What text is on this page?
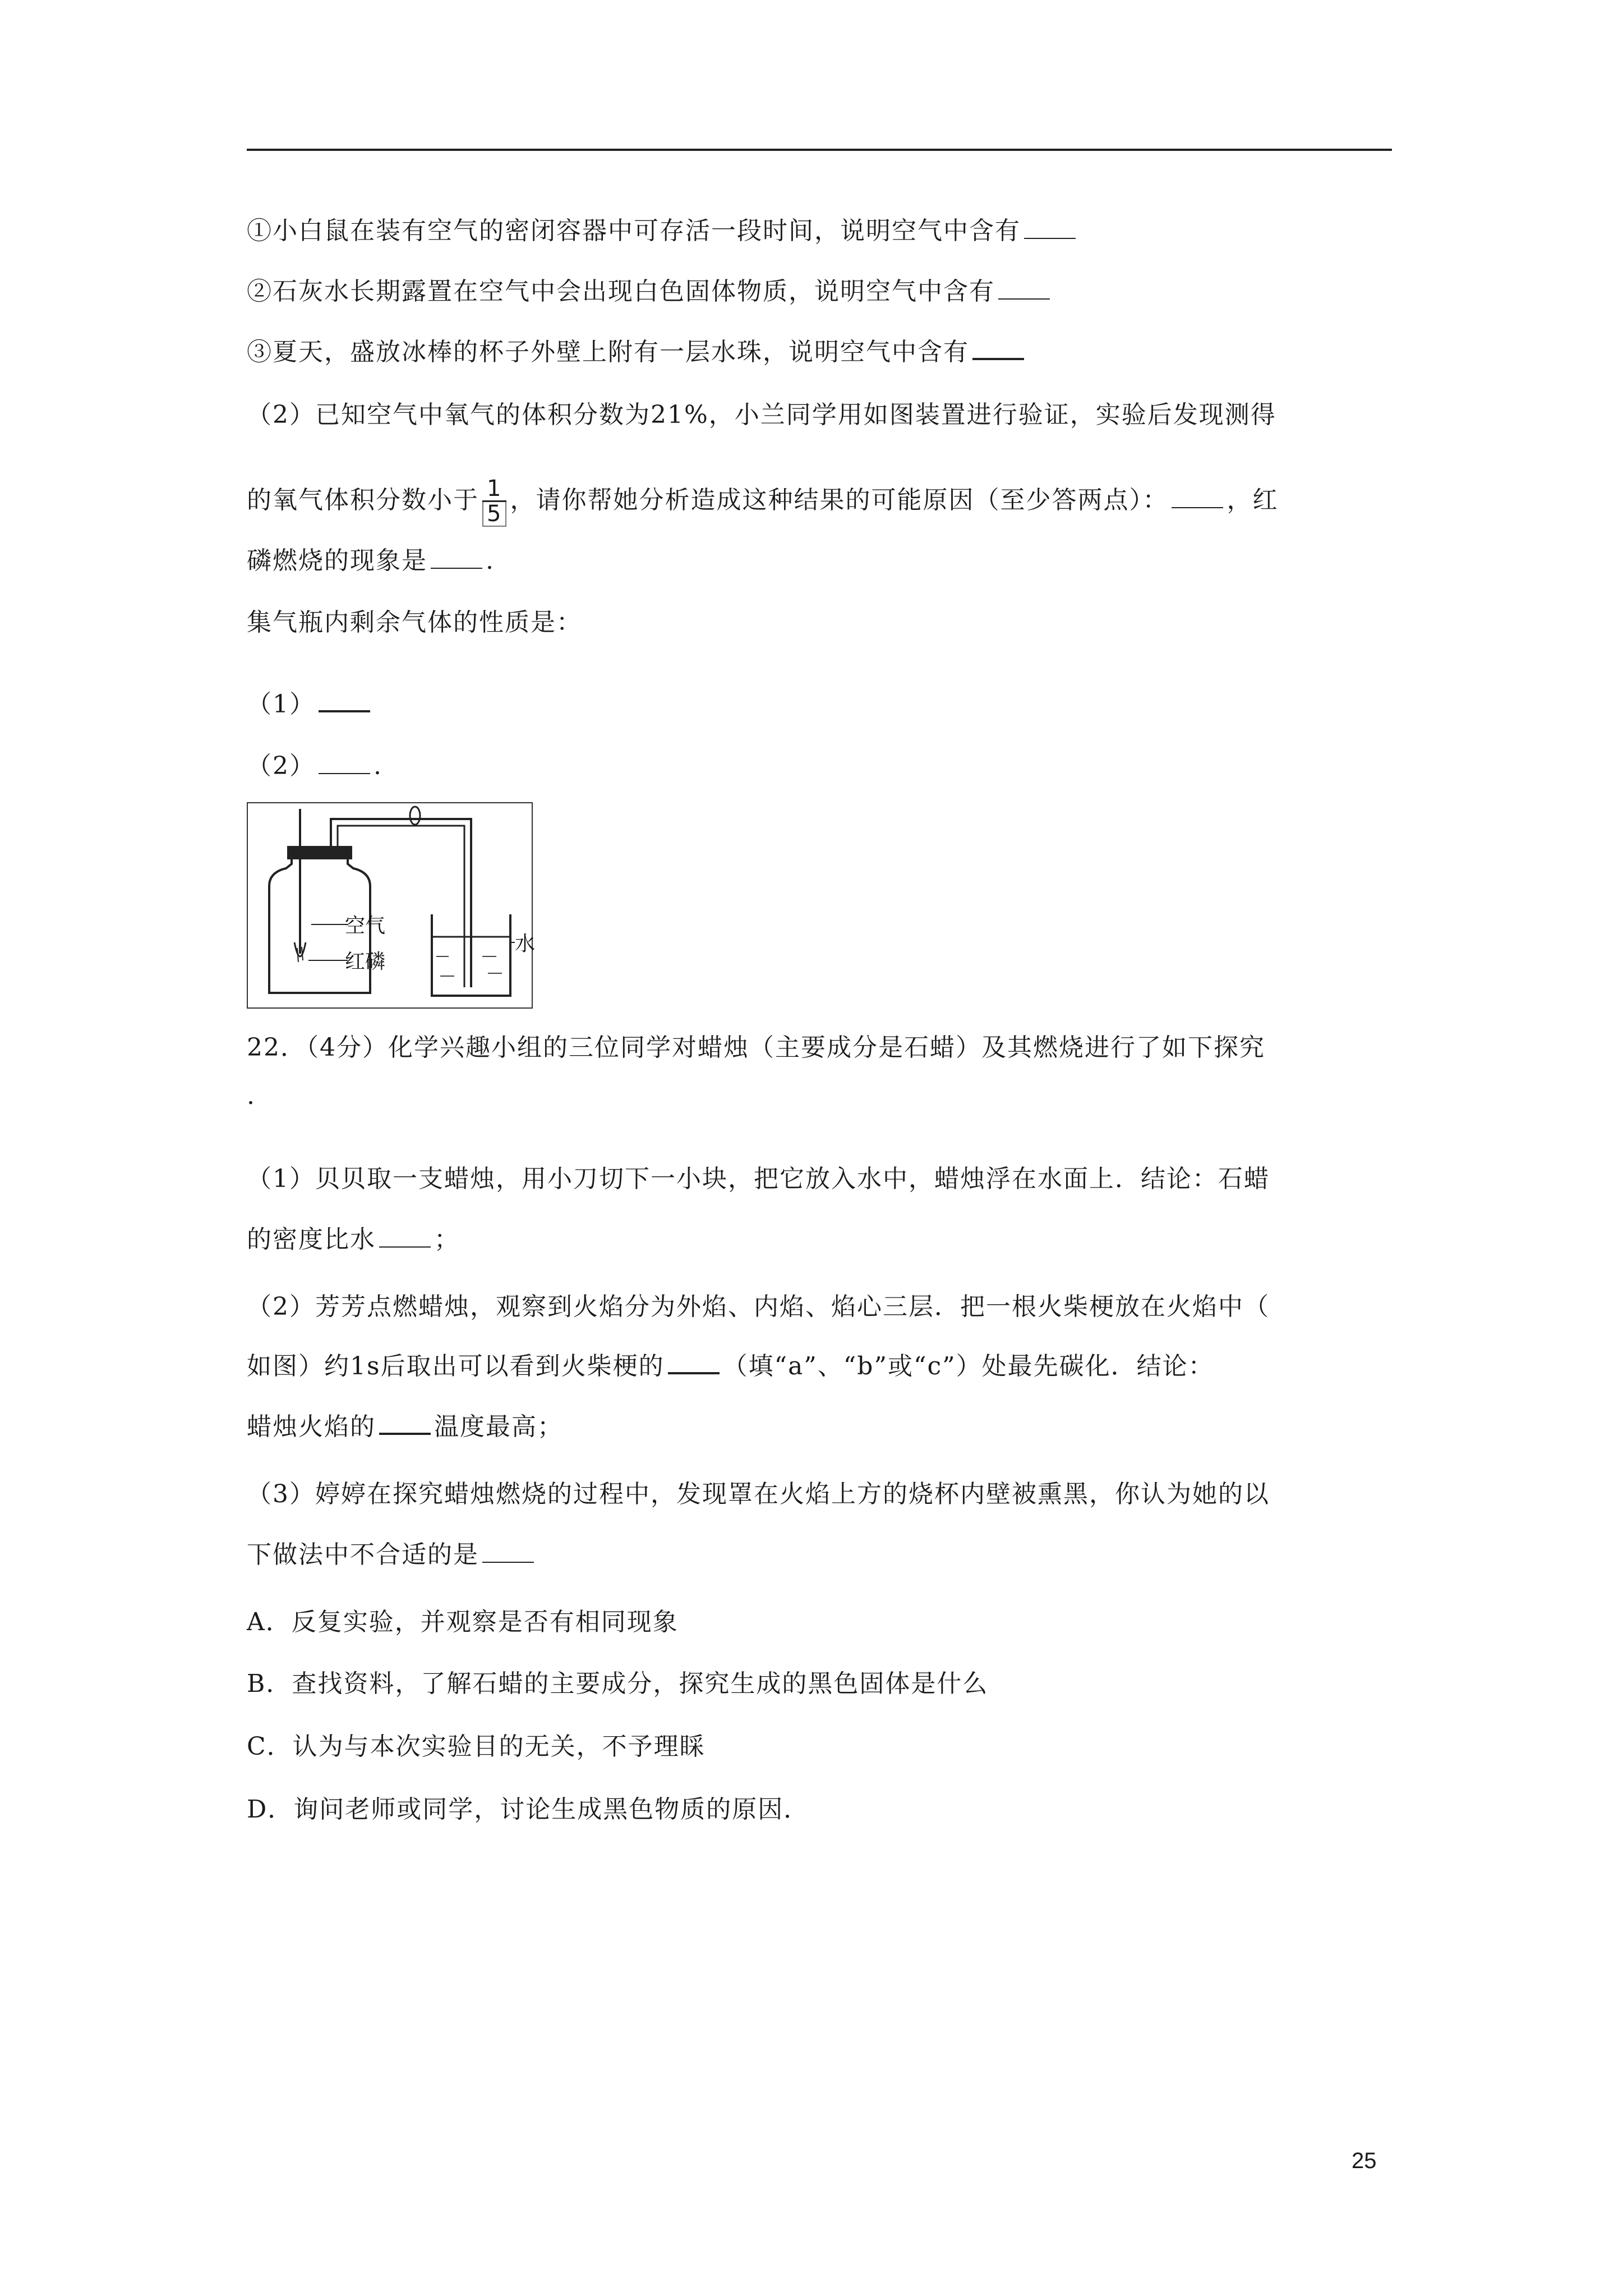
①小白鼠在装有空气的密闭容器中可存活一段时间，说明空气中含有
②石灰水长期露置在空气中会出现白色固体物质，说明空气中含有
③夏天，盛放冰棒的杯子外壁上附有一层水珠，说明空气中含有
（2）已知空气中氧气的体积分数为21%，小兰同学用如图装置进行验证，实验后发现测得
的氧气体积分数小于 $\frac{1}{5}$ ，请你帮她分析造成这种结果的可能原因（至少答两点）： ，红
磷燃烧的现象是 .
集气瓶内剩余气体的性质是：
（1）
（2） .
空气
红磷
水
22．（4分）化学兴趣小组的三位同学对蜡烛（主要成分是石蜡）及其燃烧进行了如下探究
.
（1）贝贝取一支蜡烛，用小刀切下一小块，把它放入水中，蜡烛浮在水面上．结论：石蜡
的密度比水 ；
（2）芳芳点燃蜡烛，观察到火焰分为外焰、内焰、焰心三层．把一根火柴梗放在火焰中（
如图）约1s后取出可以看到火柴梗的 （填“a”、“b”或“c”）处最先碳化．结论：
蜡烛火焰的 温度最高；
（3）婷婷在探究蜡烛燃烧的过程中，发现罩在火焰上方的烧杯内壁被熏黑，你认为她的以
下做法中不合适的是
A．反复实验，并观察是否有相同现象
B．查找资料，了解石蜡的主要成分，探究生成的黑色固体是什么
C．认为与本次实验目的无关，不予理睬
D．询问老师或同学，讨论生成黑色物质的原因．
25
